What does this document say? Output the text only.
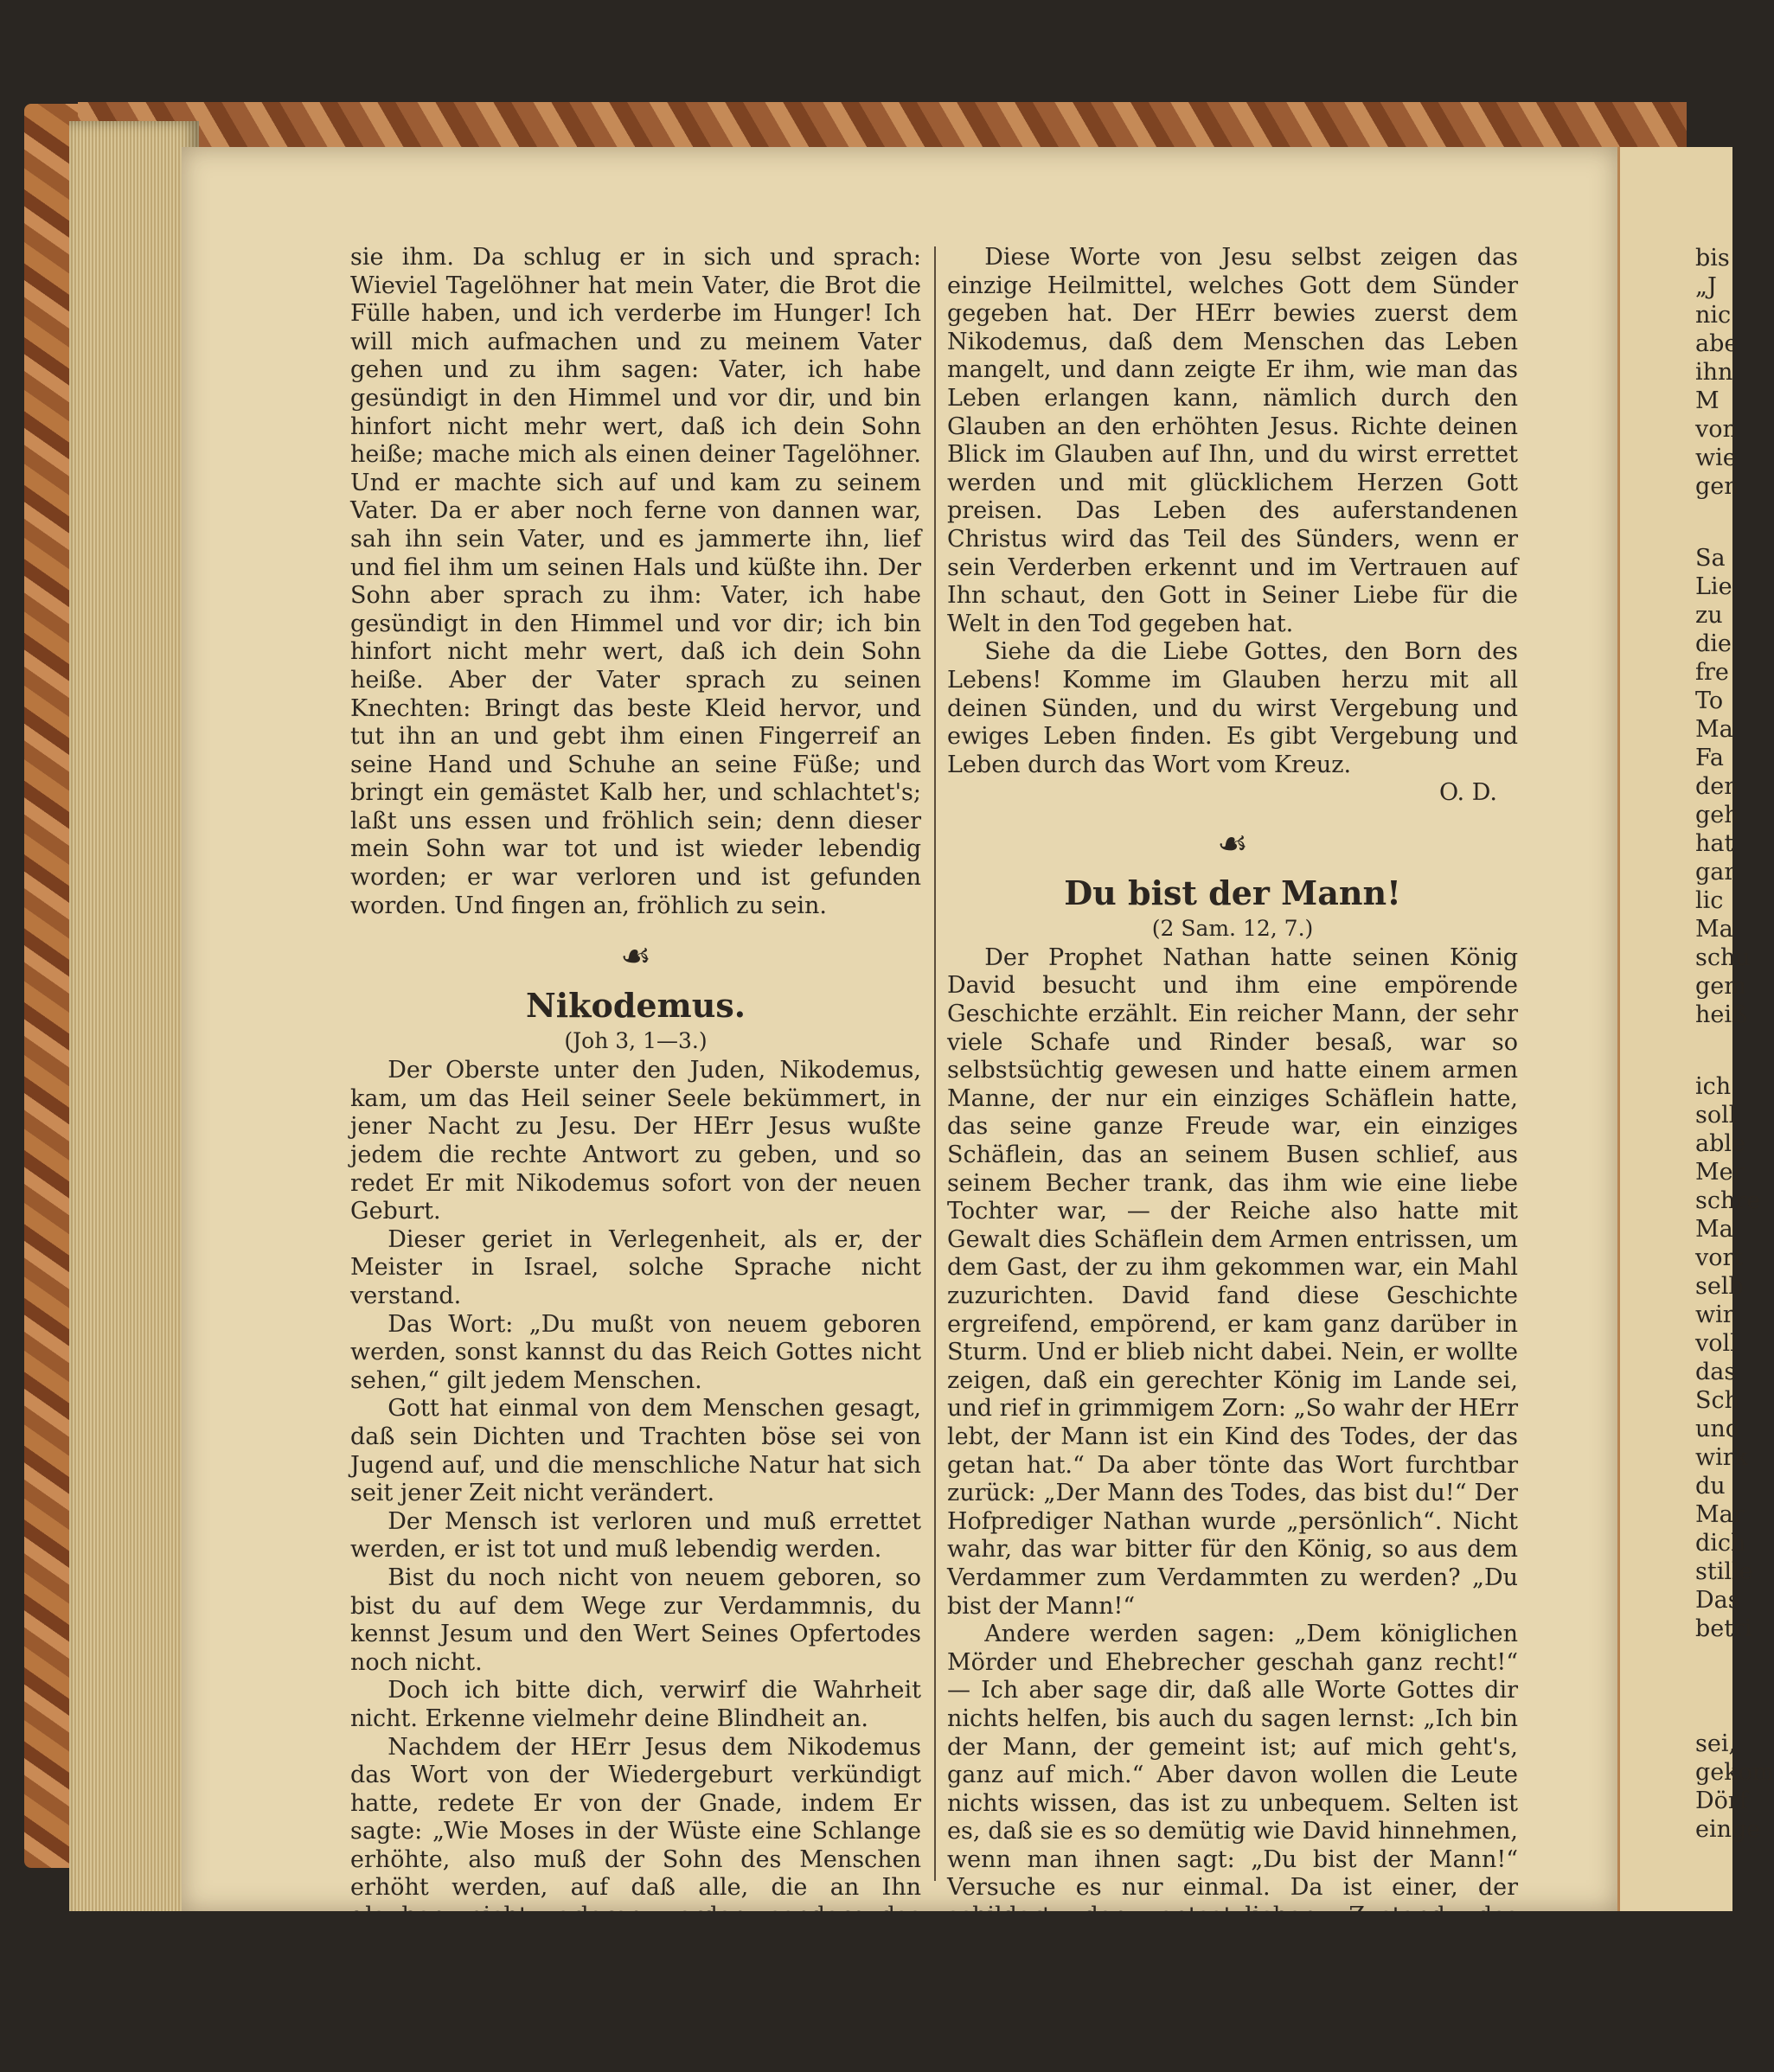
sie ihm. Da schlug er in sich und sprach: Wieviel Tagelöhner hat mein Vater, die Brot die Fülle haben, und ich verderbe im Hunger! Ich will mich aufmachen und zu meinem Vater gehen und zu ihm sagen: Vater, ich habe gesündigt in den Himmel und vor dir, und bin hinfort nicht mehr wert, daß ich dein Sohn heiße; mache mich als einen deiner Tagelöhner. Und er machte sich auf und kam zu seinem Vater. Da er aber noch ferne von dannen war, sah ihn sein Vater, und es jammerte ihn, lief und fiel ihm um seinen Hals und küßte ihn. Der Sohn aber sprach zu ihm: Vater, ich habe gesündigt in den Himmel und vor dir; ich bin hinfort nicht mehr wert, daß ich dein Sohn heiße. Aber der Vater sprach zu seinen Knechten: Bringt das beste Kleid hervor, und tut ihn an und gebt ihm einen Fingerreif an seine Hand und Schuhe an seine Füße; und bringt ein gemästet Kalb her, und schlachtet's; laßt uns essen und fröhlich sein; denn dieser mein Sohn war tot und ist wieder lebendig worden; er war verloren und ist gefunden worden. Und fingen an, fröhlich zu sein.

☙
Nikodemus.
(Joh 3, 1—3.)

Der Oberste unter den Juden, Nikodemus, kam, um das Heil seiner Seele bekümmert, in jener Nacht zu Jesu. Der HErr Jesus wußte jedem die rechte Antwort zu geben, und so redet Er mit Nikodemus sofort von der neuen Geburt.

Dieser geriet in Verlegenheit, als er, der Meister in Israel, solche Sprache nicht verstand.

Das Wort: „Du mußt von neuem geboren werden, sonst kannst du das Reich Gottes nicht sehen,“ gilt jedem Menschen.

Gott hat einmal von dem Menschen gesagt, daß sein Dichten und Trachten böse sei von Jugend auf, und die menschliche Natur hat sich seit jener Zeit nicht verändert.

Der Mensch ist verloren und muß errettet werden, er ist tot und muß lebendig werden.

Bist du noch nicht von neuem geboren, so bist du auf dem Wege zur Verdammnis, du kennst Jesum und den Wert Seines Opfertodes noch nicht.

Doch ich bitte dich, verwirf die Wahrheit nicht. Erkenne vielmehr deine Blindheit an.

Nachdem der HErr Jesus dem Nikodemus das Wort von der Wiedergeburt verkündigt hatte, redete Er von der Gnade, indem Er sagte: „Wie Moses in der Wüste eine Schlange erhöhte, also muß der Sohn des Menschen erhöht werden, auf daß alle, die an Ihn

Diese Worte von Jesu selbst zeigen das einzige Heilmittel, welches Gott dem Sünder gegeben hat. Der HErr bewies zuerst dem Nikodemus, daß dem Menschen das Leben mangelt, und dann zeigte Er ihm, wie man das Leben erlangen kann, nämlich durch den Glauben an den erhöhten Jesus. Richte deinen Blick im Glauben auf Ihn, und du wirst errettet werden und mit glücklichem Herzen Gott preisen. Das Leben des auferstandenen Christus wird das Teil des Sünders, wenn er sein Verderben erkennt und im Vertrauen auf Ihn schaut, den Gott in Seiner Liebe für die Welt in den Tod gegeben hat.

Siehe da die Liebe Gottes, den Born des Lebens! Komme im Glauben herzu mit all deinen Sünden, und du wirst Vergebung und ewiges Leben finden. Es gibt Vergebung und Leben durch das Wort vom Kreuz.

O. D.
☙
Du bist der Mann!
(2 Sam. 12, 7.)

Der Prophet Nathan hatte seinen König David besucht und ihm eine empörende Geschichte erzählt. Ein reicher Mann, der sehr viele Schafe und Rinder besaß, war so selbstsüchtig gewesen und hatte einem armen Manne, der nur ein einziges Schäflein hatte, das seine ganze Freude war, ein einziges Schäflein, das an seinem Busen schlief, aus seinem Becher trank, das ihm wie eine liebe Tochter war, — der Reiche also hatte mit Gewalt dies Schäflein dem Armen entrissen, um dem Gast, der zu ihm gekommen war, ein Mahl zuzurichten. David fand diese Geschichte ergreifend, empörend, er kam ganz darüber in Sturm. Und er blieb nicht dabei. Nein, er wollte zeigen, daß ein gerechter König im Lande sei, und rief in grimmigem Zorn: „So wahr der HErr lebt, der Mann ist ein Kind des Todes, der das getan hat.“ Da aber tönte das Wort furchtbar zurück: „Der Mann des Todes, das bist du!“ Der Hofprediger Nathan wurde „persönlich“. Nicht wahr, das war bitter für den König, so aus dem Verdammer zum Verdammten zu werden? „Du bist der Mann!“

Andere werden sagen: „Dem königlichen Mörder und Ehebrecher geschah ganz recht!“ — Ich aber sage dir, daß alle Worte Gottes dir nichts helfen, bis auch du sagen lernst: „Ich bin der Mann, der gemeint ist; auf mich geht's, ganz auf mich.“ Aber davon wollen die Leute nichts wissen, das ist zu unbequem. Selten ist es, daß sie es so demütig wie David hinnehmen, wenn man ihnen sagt: „Du bist der Mann!“ Versuche es nur einmal. Da ist einer, der

bis
„J
nic
abe
ihn
M
von
wie
gen
Sa
Lie
zu
die
fre
To
Ma
Fa
den
geh
hat
gar
lic
Ma
schu
gem
heiß
ich
soll
able
Mer
schre
Ma
vort
selb
wir
voll
das
Sch
und
wirk
du
Mar
dich
stille
Das
betri
sei,
gekom
Dörf
einge
